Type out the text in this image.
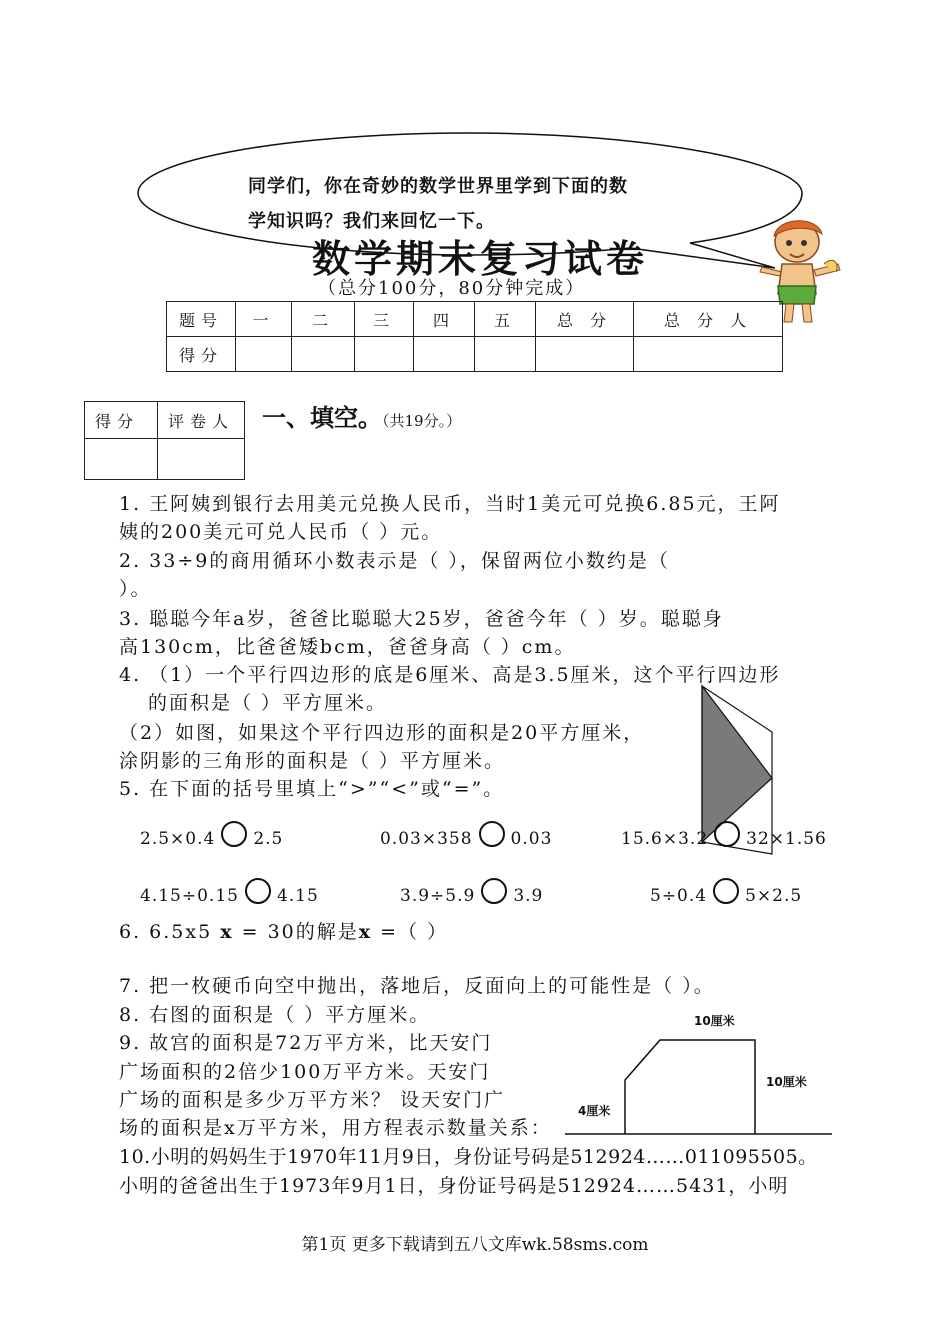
同学们，你在奇妙的数学世界里学到下面的数
学知识吗？我们来回忆一下。
数学期末复习试卷
（总分100分，80分钟完成）
题号	一	二	三	四	五	总 分	总 分 人
得分							
得分	评卷人
	一、填空。（共19分。）
1. 王阿姨到银行去用美元兑换人民币，当时1美元可兑换6.85元，王阿
姨的200美元可兑人民币（ ）元。
2. 33÷9的商用循环小数表示是（ ），保留两位小数约是（
）。
3. 聪聪今年a岁，爸爸比聪聪大25岁，爸爸今年（ ）岁。聪聪身
高130cm，比爸爸矮bcm，爸爸身高（ ）cm。
4. （1）一个平行四边形的底是6厘米、高是3.5厘米，这个平行四边形
的面积是（ ）平方厘米。
（2）如图，如果这个平行四边形的面积是20平方厘米，
涂阴影的三角形的面积是（ ）平方厘米。
5. 在下面的括号里填上“>”“<”或“=”。
2.5×0.4 2.5	0.03×358 0.03	15.6×3.2 32×1.56
4.15÷0.15 4.15	3.9÷5.9 3.9	5÷0.4 5×2.5
6. 6.5x5 x = 30的解是x =（ ）
7. 把一枚硬币向空中抛出，落地后，反面向上的可能性是（ ）。
8. 右图的面积是（ ）平方厘米。
9. 故宫的面积是72万平方米，比天安门
广场面积的2倍少100万平方米。天安门
广场的面积是多少万平方米？ 设天安门广
场的面积是x万平方米，用方程表示数量关系：
10厘米
10厘米
4厘米
10.小明的妈妈生于1970年11月9日，身份证号码是512924……011095505。
小明的爸爸出生于1973年9月1日，身份证号码是512924……5431，小明
第1页 更多下载请到五八文库wk.58sms.com
